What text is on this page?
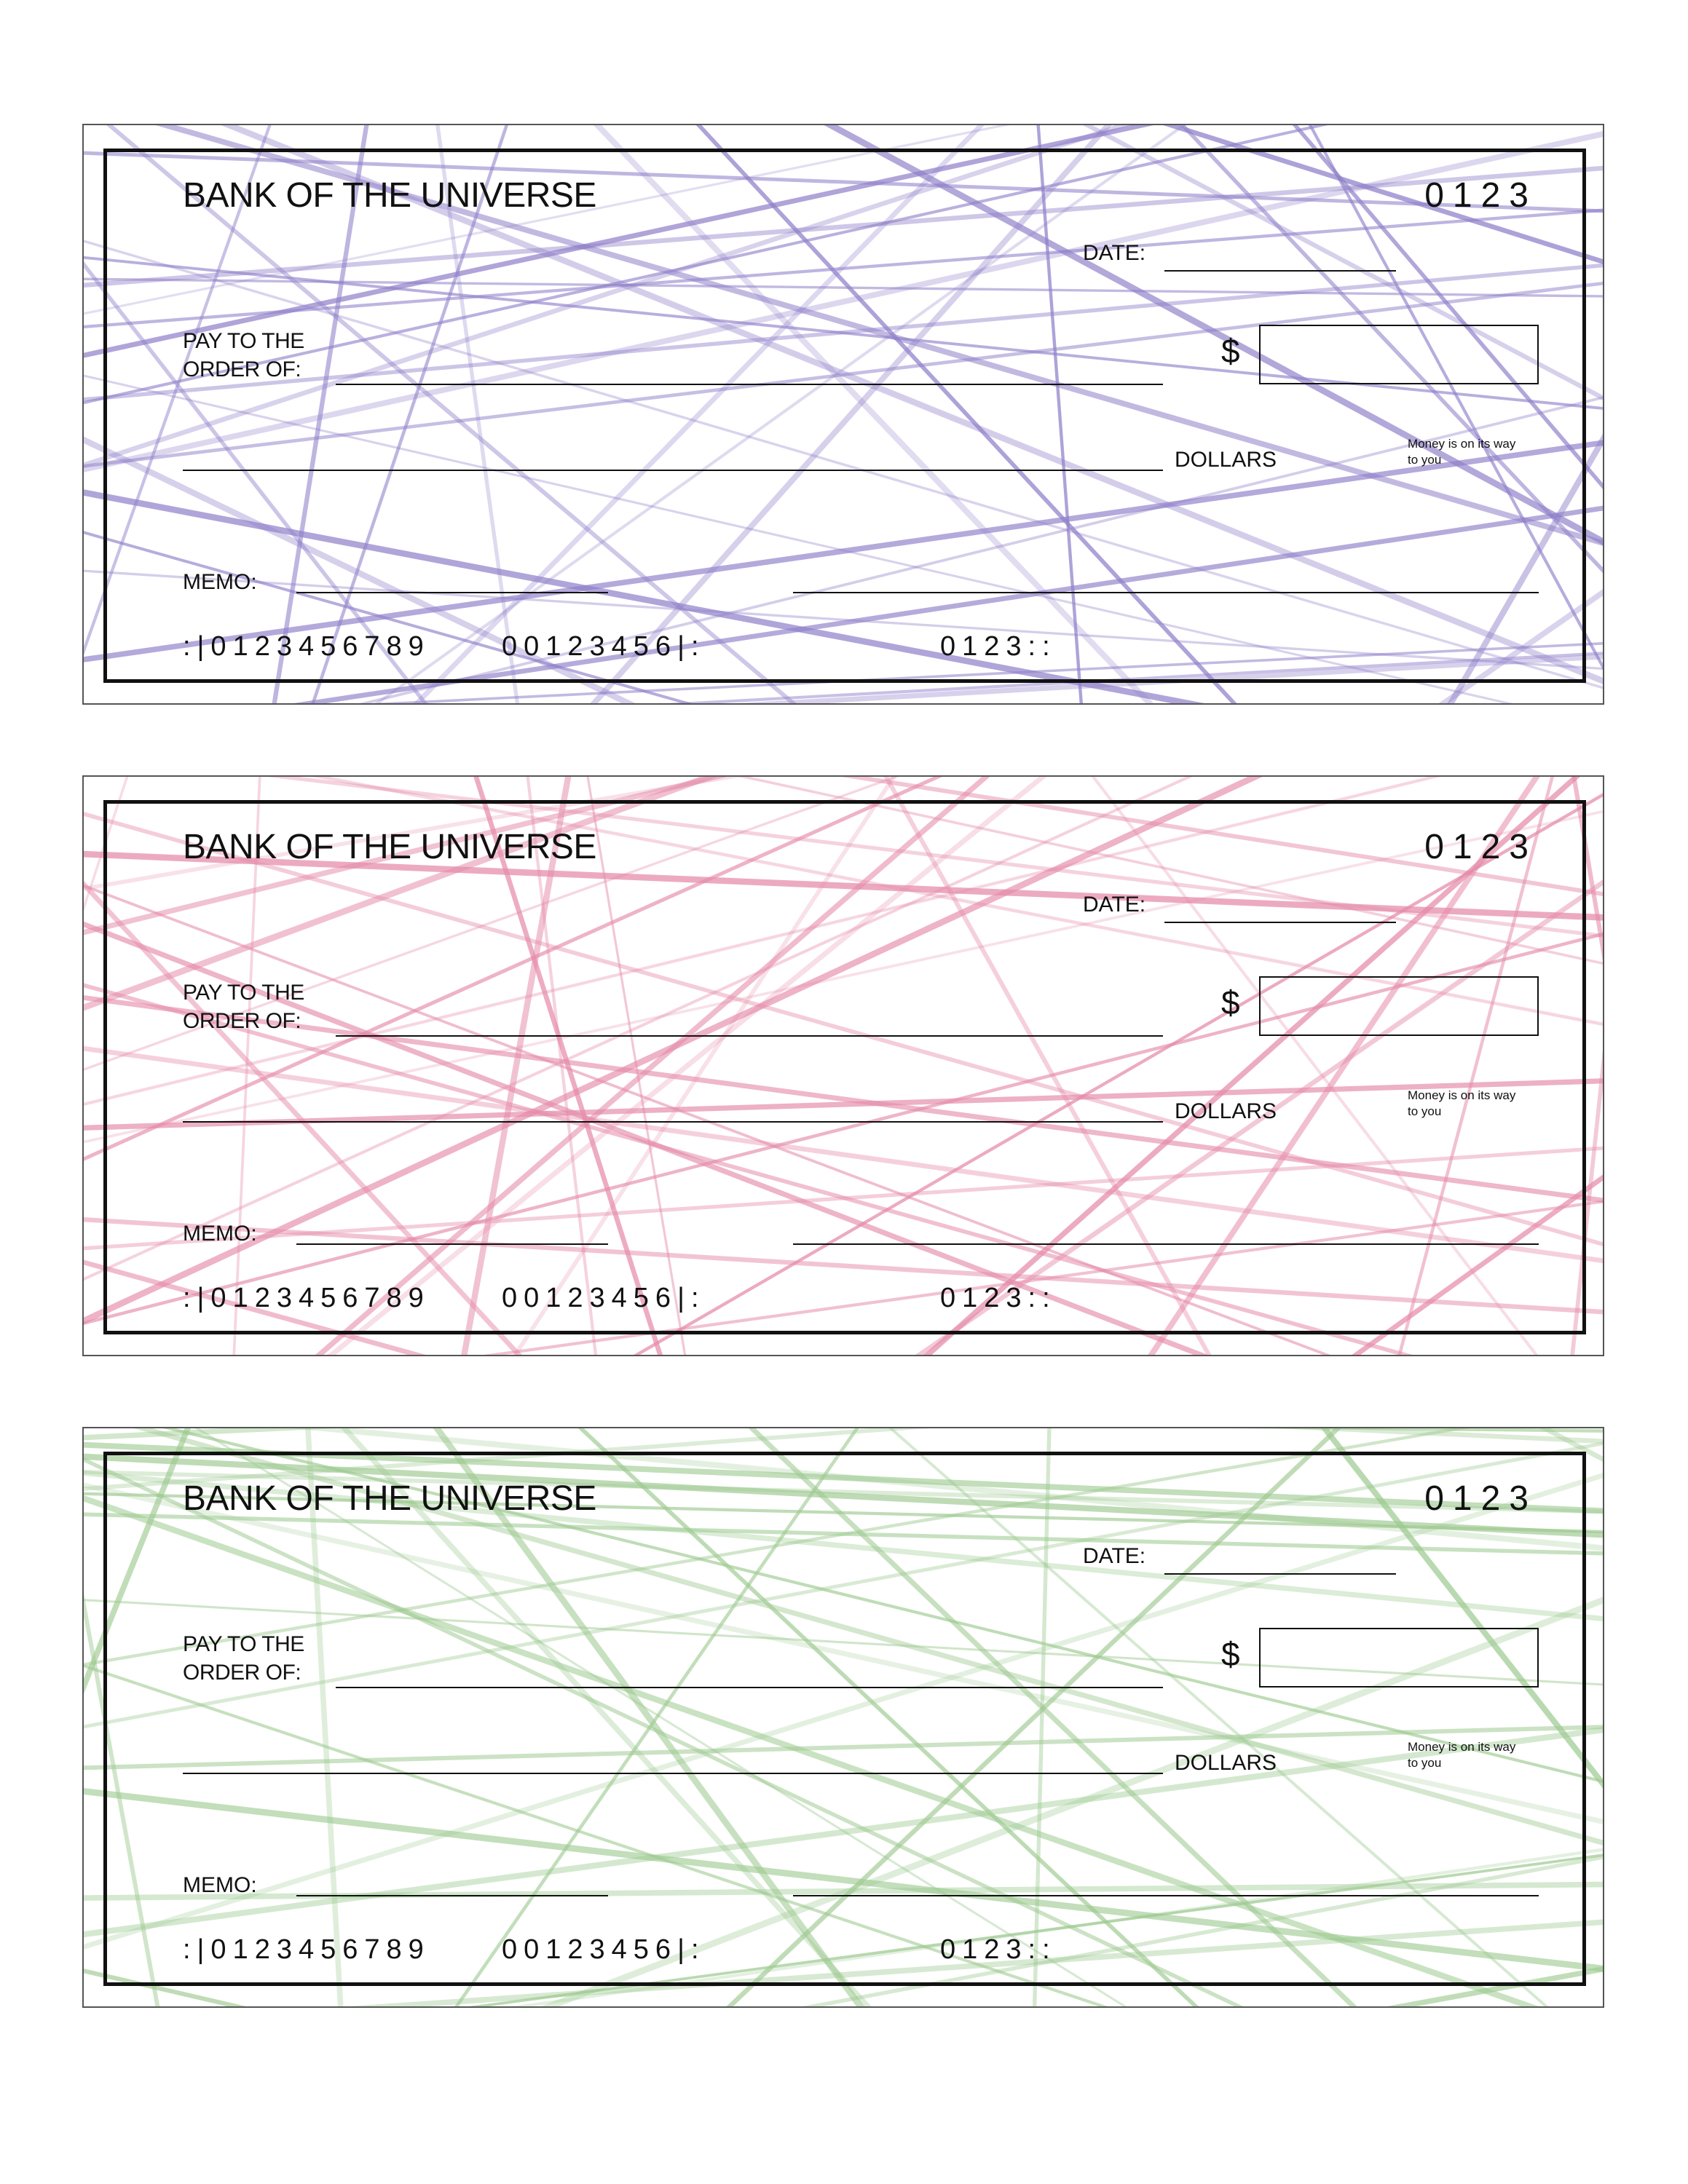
BANK OF THE UNIVERSE	0123
DATE:
PAY TO THE
ORDER OF:	$
DOLLARS
Money is on its way to you
MEMO:
:|0123456789	00123456|:	0123::
BANK OF THE UNIVERSE	0123
DATE:
PAY TO THE
ORDER OF:	$
DOLLARS
Money is on its way to you
MEMO:
:|0123456789	00123456|:	0123::
BANK OF THE UNIVERSE	0123
DATE:
PAY TO THE
ORDER OF:	$
DOLLARS
Money is on its way to you
MEMO:
:|0123456789	00123456|:	0123::
